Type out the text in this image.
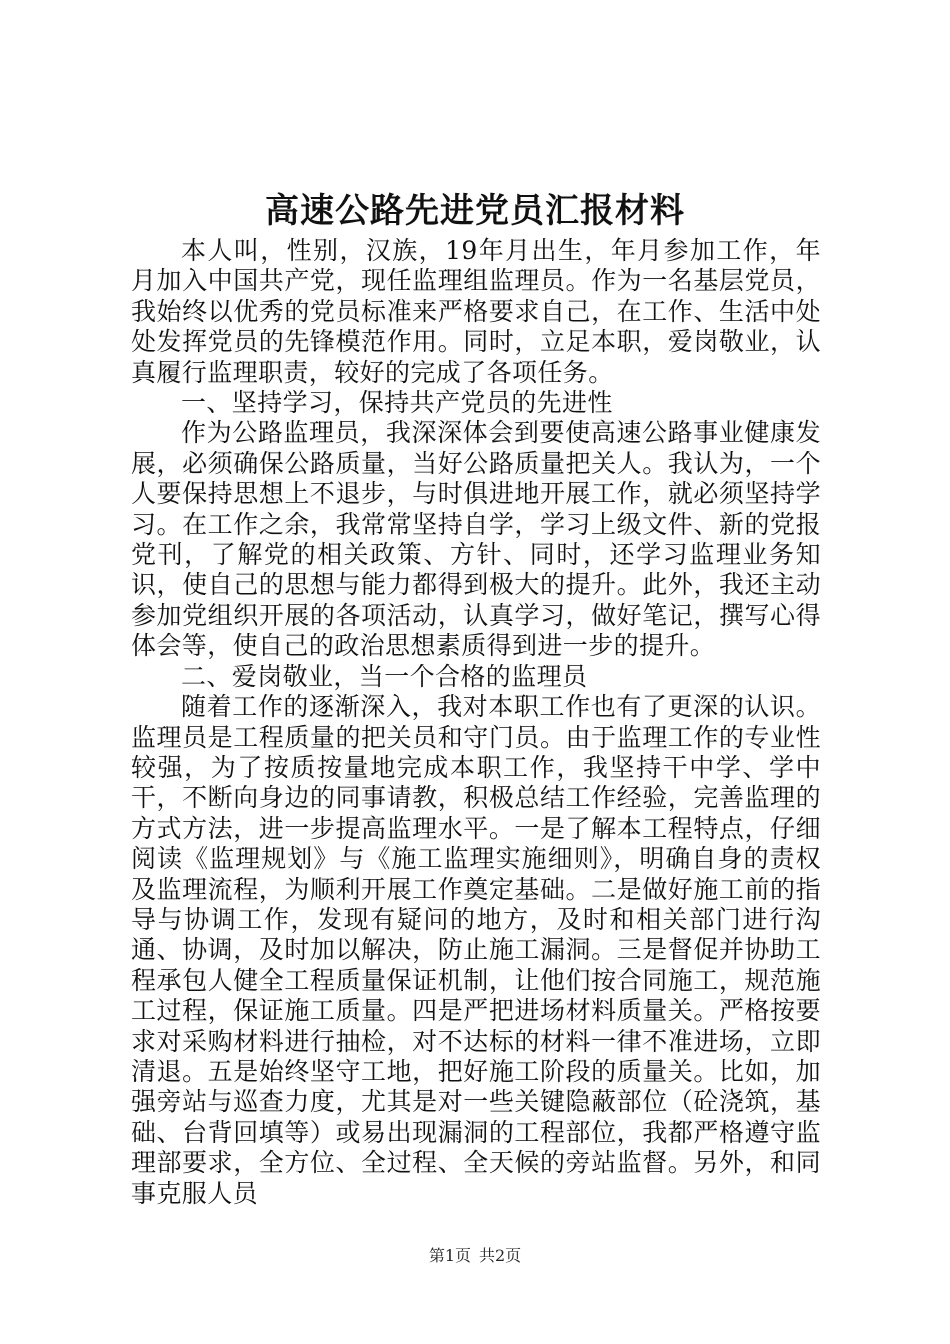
高速公路先进党员汇报材料

本人叫，性别，汉族，19年月出生，年月参加工作，年月加入中国共产党，现任监理组监理员。作为一名基层党员，我始终以优秀的党员标准来严格要求自己，在工作、生活中处处发挥党员的先锋模范作用。同时，立足本职，爱岗敬业，认真履行监理职责，较好的完成了各项任务。

一、坚持学习，保持共产党员的先进性

作为公路监理员，我深深体会到要使高速公路事业健康发展，必须确保公路质量，当好公路质量把关人。我认为，一个人要保持思想上不退步，与时俱进地开展工作，就必须坚持学习。在工作之余，我常常坚持自学，学习上级文件、新的党报党刊，了解党的相关政策、方针、同时，还学习监理业务知识，使自己的思想与能力都得到极大的提升。此外，我还主动参加党组织开展的各项活动，认真学习，做好笔记，撰写心得体会等，使自己的政治思想素质得到进一步的提升。

二、爱岗敬业，当一个合格的监理员

随着工作的逐渐深入，我对本职工作也有了更深的认识。监理员是工程质量的把关员和守门员。由于监理工作的专业性较强，为了按质按量地完成本职工作，我坚持干中学、学中干，不断向身边的同事请教，积极总结工作经验，完善监理的方式方法，进一步提高监理水平。一是了解本工程特点，仔细阅读《监理规划》与《施工监理实施细则》，明确自身的责权及监理流程，为顺利开展工作奠定基础。二是做好施工前的指导与协调工作，发现有疑问的地方，及时和相关部门进行沟通、协调，及时加以解决，防止施工漏洞。三是督促并协助工程承包人健全工程质量保证机制，让他们按合同施工，规范施工过程，保证施工质量。四是严把进场材料质量关。严格按要求对采购材料进行抽检，对不达标的材料一律不准进场，立即清退。五是始终坚守工地，把好施工阶段的质量关。比如，加强旁站与巡查力度，尤其是对一些关键隐蔽部位（砼浇筑，基础、台背回填等）或易出现漏洞的工程部位，我都严格遵守监理部要求，全方位、全过程、全天候的旁站监督。另外，和同事克服人员

第1页 共2页
